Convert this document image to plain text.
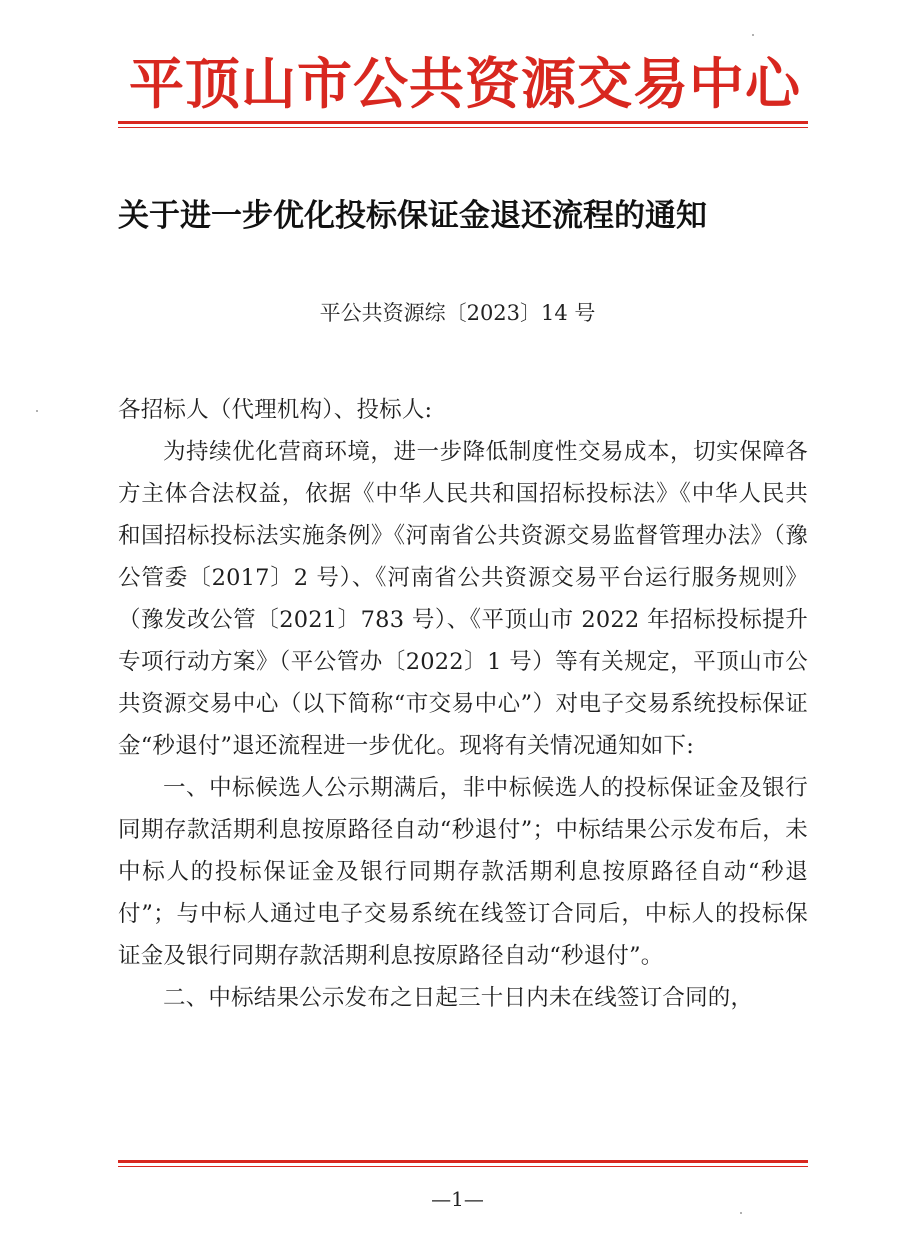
平顶山市公共资源交易中心
关于进一步优化投标保证金退还流程的通知
平公共资源综〔2023〕14 号

各招标人（代理机构）、投标人:

为持续优化营商环境，进一步降低制度性交易成本，切实保障各方主体合法权益，依据《中华人民共和国招标投标法》《中华人民共和国招标投标法实施条例》《河南省公共资源交易监督管理办法》（豫公管委〔2017〕2 号）、《河南省公共资源交易平台运行服务规则》（豫发改公管〔2021〕783 号）、《平顶山市 2022 年招标投标提升专项行动方案》（平公管办〔2022〕1 号）等有关规定，平顶山市公共资源交易中心（以下简称“市交易中心”）对电子交易系统投标保证金“秒退付”退还流程进一步优化。现将有关情况通知如下:

一、中标候选人公示期满后，非中标候选人的投标保证金及银行同期存款活期利息按原路径自动“秒退付”；中标结果公示发布后，未中标人的投标保证金及银行同期存款活期利息按原路径自动“秒退付”；与中标人通过电子交易系统在线签订合同后，中标人的投标保证金及银行同期存款活期利息按原路径自动“秒退付”。

二、中标结果公示发布之日起三十日内未在线签订合同的，

—1—
